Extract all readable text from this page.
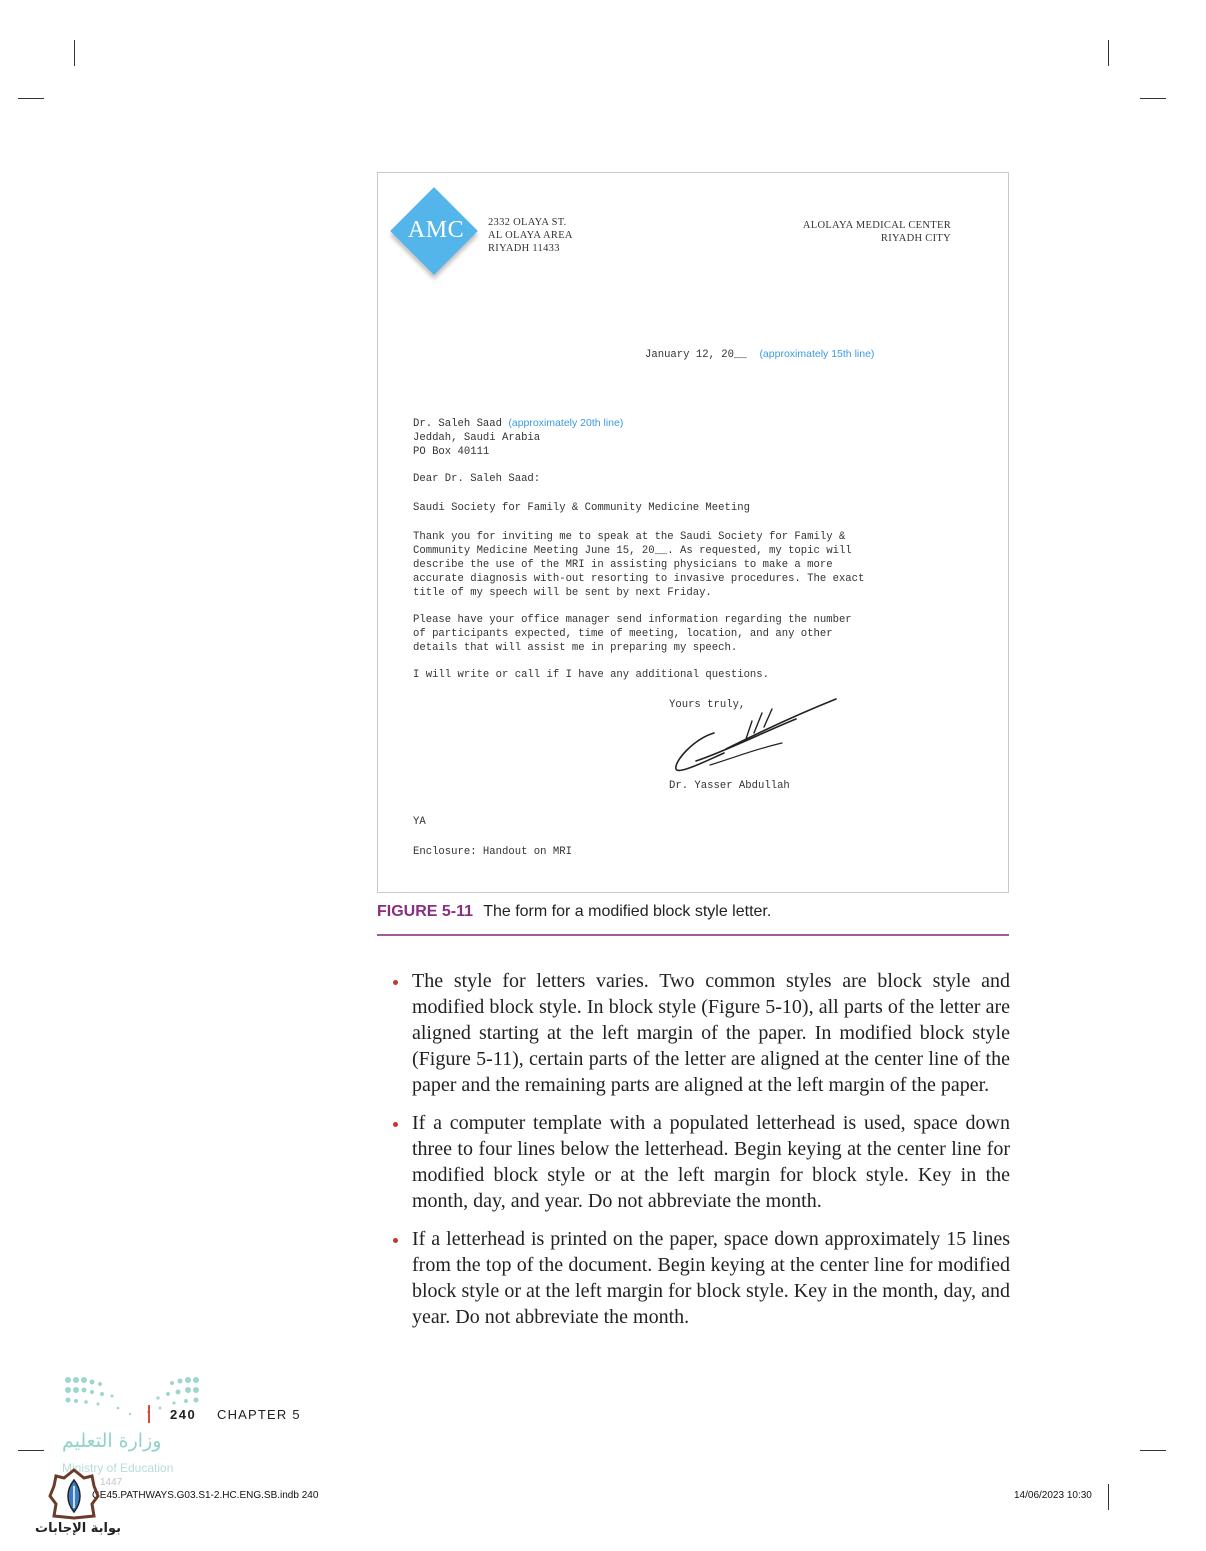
AMC	2332 OLAYA ST.
AL OLAYA AREA
RIYADH 11433
ALOLAYA MEDICAL CENTER
RIYADH CITY
January 12, 20__ (approximately 15th line)
Dr. Saleh Saad (approximately 20th line)
Jeddah, Saudi Arabia
PO Box 40111
Dear Dr. Saleh Saad:
Saudi Society for Family & Community Medicine Meeting
Thank you for inviting me to speak at the Saudi Society for Family &
Community Medicine Meeting June 15, 20__. As requested, my topic will
describe the use of the MRI in assisting physicians to make a more
accurate diagnosis with-out resorting to invasive procedures. The exact
title of my speech will be sent by next Friday.
Please have your office manager send information regarding the number
of participants expected, time of meeting, location, and any other
details that will assist me in preparing my speech.
I will write or call if I have any additional questions.
Yours truly,
Dr. Yasser Abdullah
YA
Enclosure: Handout on MRI
FIGURE 5-11 The form for a modified block style letter.
The style for letters varies. Two common styles are block style and modified block style. In block style (Figure 5-10), all parts of the letter are aligned starting at the left margin of the paper. In modified block style (Figure 5-11), certain parts of the letter are aligned at the center line of the paper and the remaining parts are aligned at the left margin of the paper.
If a computer template with a populated letterhead is used, space down three to four lines below the letterhead. Begin keying at the center line for modified block style or at the left margin for block style. Key in the month, day, and year. Do not abbreviate the month.
If a letterhead is printed on the paper, space down approximately 15 lines from the top of the document. Begin keying at the center line for modified block style or at the left margin for block style. Key in the month, day, and year. Do not abbreviate the month.
240 CHAPTER 5
وزارة التعليم
Ministry of Education
1447
GE45.PATHWAYS.G03.S1-2.HC.ENG.SB.indb 240	14/06/2023 10:30
بوابة الإجابات
